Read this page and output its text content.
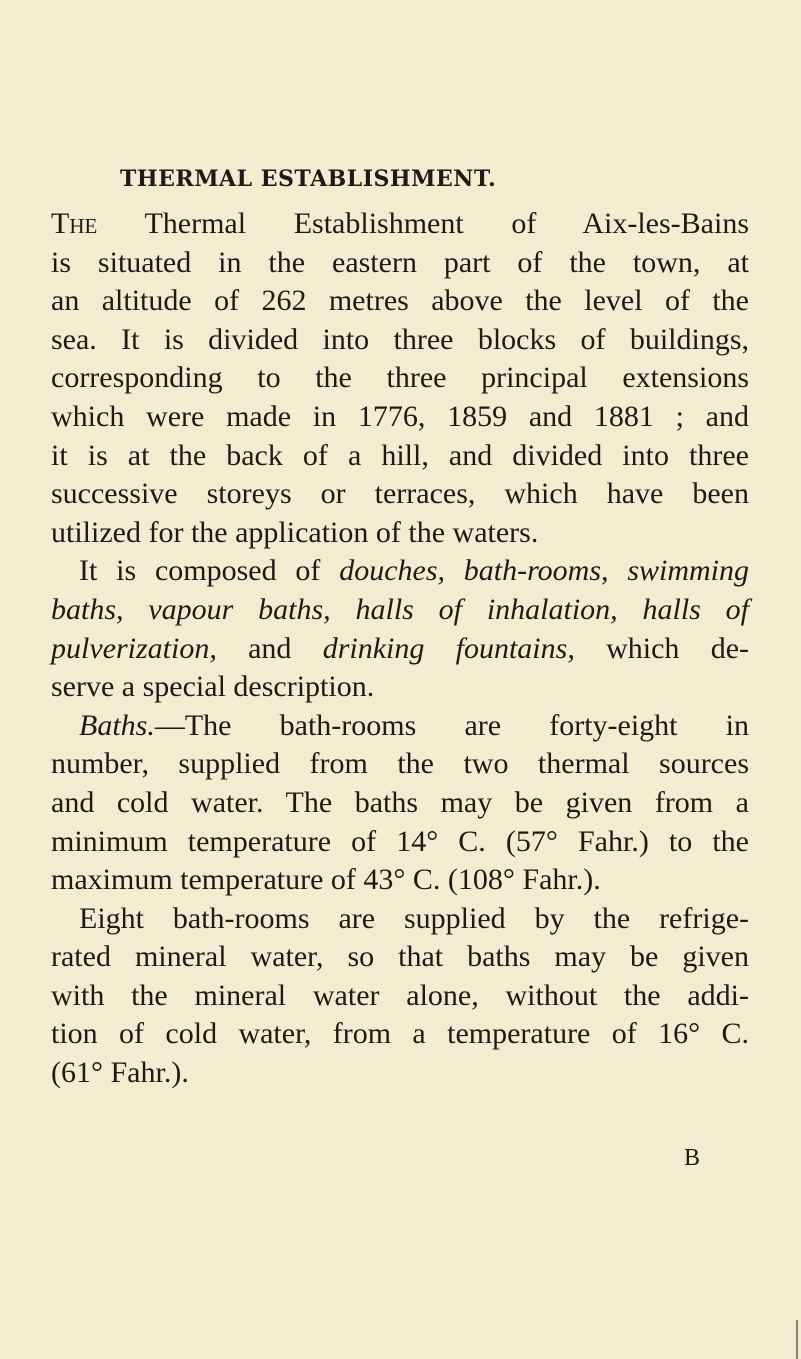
THERMAL ESTABLISHMENT.
The Thermal Establishment of Aix-les-Bains
is situated in the eastern part of the town, at
an altitude of 262 metres above the level of the
sea. It is divided into three blocks of buildings,
corresponding to the three principal extensions
which were made in 1776, 1859 and 1881 ; and
it is at the back of a hill, and divided into three
successive storeys or terraces, which have been
utilized for the application of the waters.
It is composed of douches, bath-rooms, swimming
baths, vapour baths, halls of inhalation, halls of
pulverization, and drinking fountains, which de-
serve a special description.
Baths.—The bath-rooms are forty-eight in
number, supplied from the two thermal sources
and cold water. The baths may be given from a
minimum temperature of 14° C. (57° Fahr.) to the
maximum temperature of 43° C. (108° Fahr.).
Eight bath-rooms are supplied by the refrige-
rated mineral water, so that baths may be given
with the mineral water alone, without the addi-
tion of cold water, from a temperature of 16° C.
(61° Fahr.).
B
